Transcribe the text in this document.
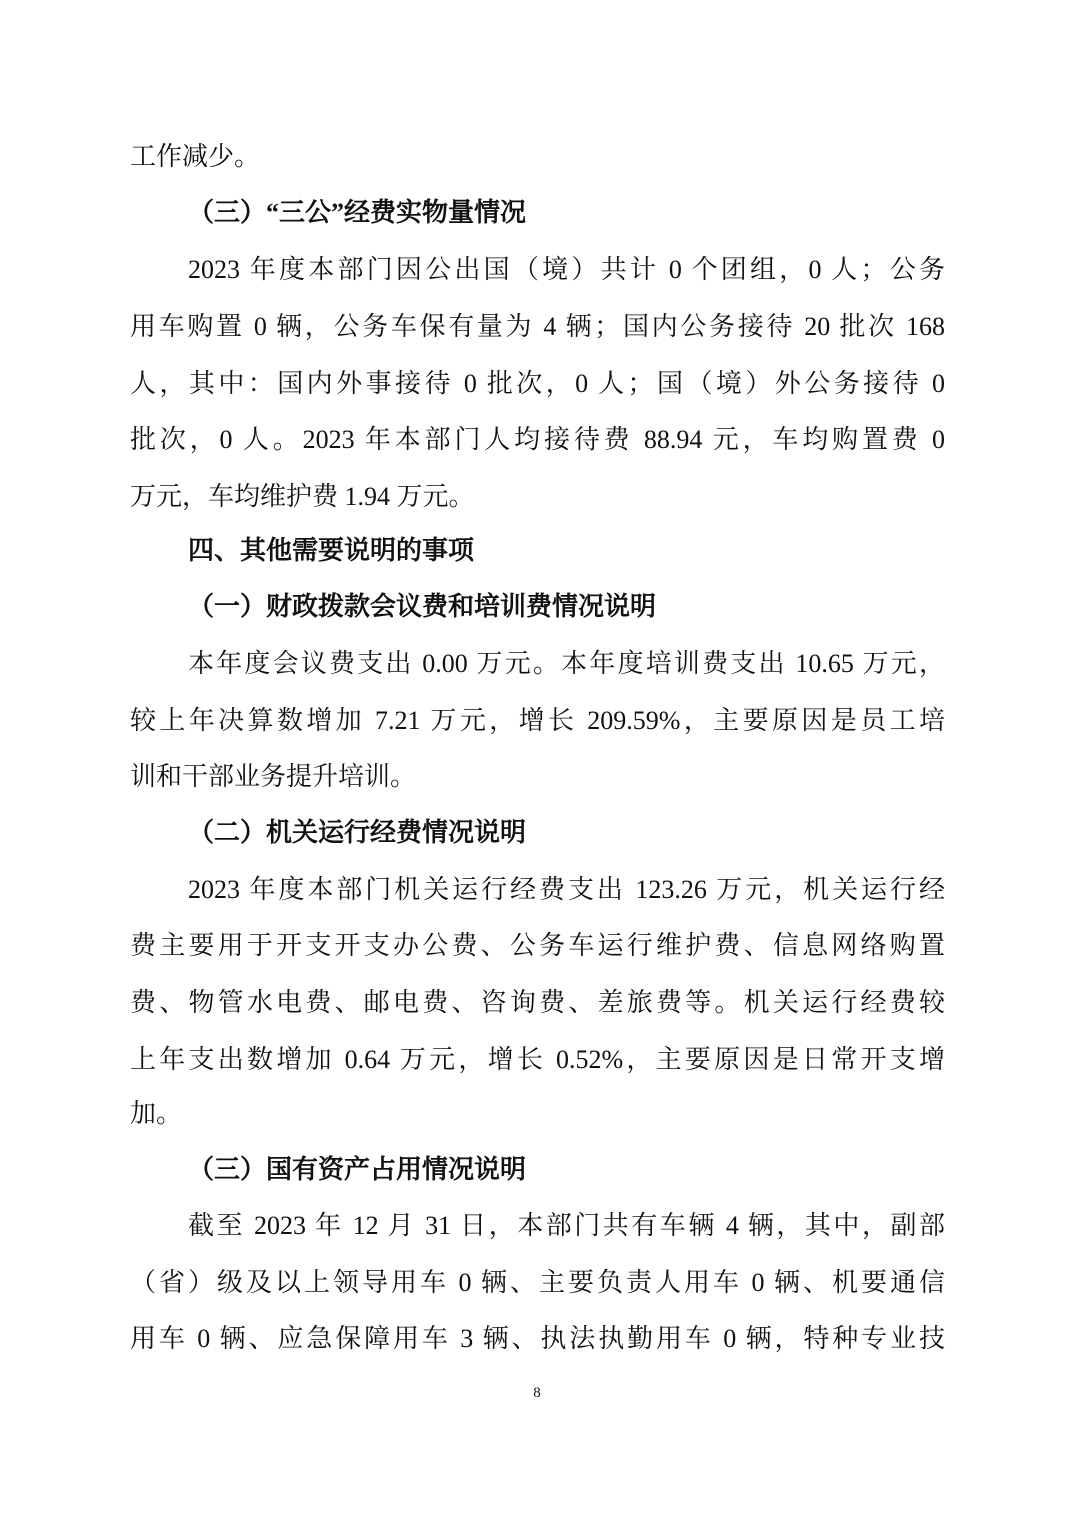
工作减少。
（三）“三公”经费实物量情况
2023 年度本部门因公出国（境）共计 0 个团组，0 人；公务
用车购置 0 辆，公务车保有量为 4 辆；国内公务接待 20 批次 168
人，其中：国内外事接待 0 批次，0 人；国（境）外公务接待 0
批次，0 人。2023 年本部门人均接待费 88.94 元，车均购置费 0
万元，车均维护费 1.94 万元。
四、其他需要说明的事项
（一）财政拨款会议费和培训费情况说明
本年度会议费支出 0.00 万元。本年度培训费支出 10.65 万元，
较上年决算数增加 7.21 万元，增长 209.59%，主要原因是员工培
训和干部业务提升培训。
（二）机关运行经费情况说明
2023 年度本部门机关运行经费支出 123.26 万元，机关运行经
费主要用于开支开支办公费、公务车运行维护费、信息网络购置
费、物管水电费、邮电费、咨询费、差旅费等。机关运行经费较
上年支出数增加 0.64 万元，增长 0.52%，主要原因是日常开支增
加。
（三）国有资产占用情况说明
截至 2023 年 12 月 31 日，本部门共有车辆 4 辆，其中，副部
（省）级及以上领导用车 0 辆、主要负责人用车 0 辆、机要通信
用车 0 辆、应急保障用车 3 辆、执法执勤用车 0 辆，特种专业技
8
